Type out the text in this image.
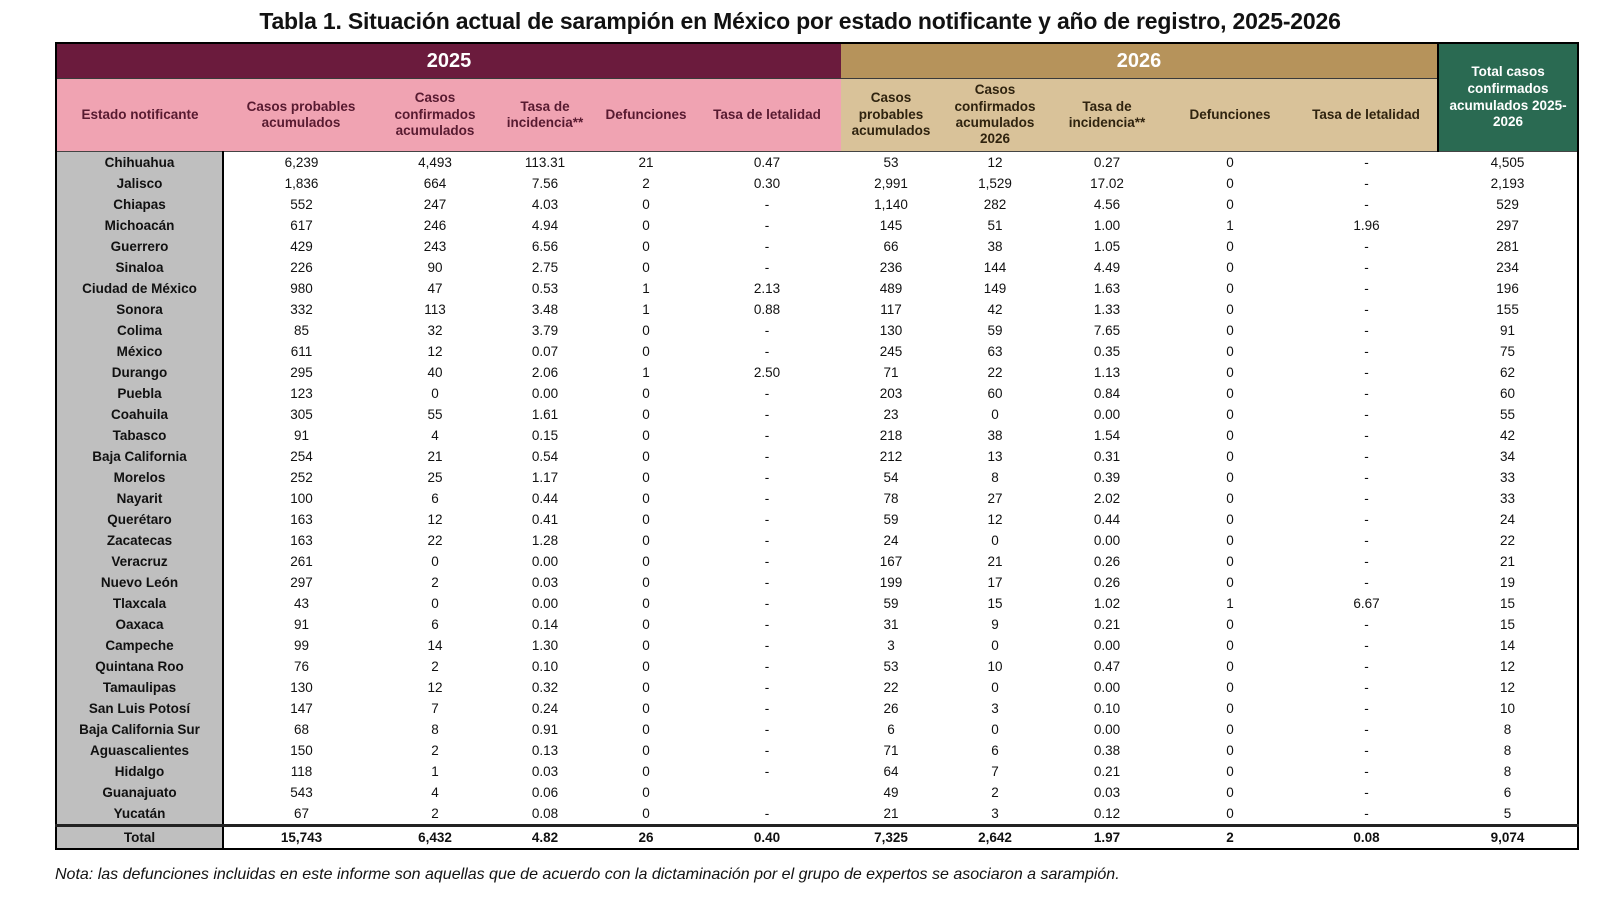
Tabla 1. Situación actual de sarampión en México por estado notificante y año de registro, 2025-2026
2025						2026					Total casos confirmados acumulados 2025-2026
Estado notificante	Casos probables acumulados	Casos confirmados acumulados	Tasa de incidencia**	Defunciones	Tasa de letalidad	Casos probables acumulados	Casos confirmados acumulados 2026	Tasa de incidencia**	Defunciones	Tasa de letalidad	
Chihuahua	6,239	4,493	113.31	21	0.47	53	12	0.27	0	-	4,505
Jalisco	1,836	664	7.56	2	0.30	2,991	1,529	17.02	0	-	2,193
Chiapas	552	247	4.03	0	-	1,140	282	4.56	0	-	529
Michoacán	617	246	4.94	0	-	145	51	1.00	1	1.96	297
Guerrero	429	243	6.56	0	-	66	38	1.05	0	-	281
Sinaloa	226	90	2.75	0	-	236	144	4.49	0	-	234
Ciudad de México	980	47	0.53	1	2.13	489	149	1.63	0	-	196
Sonora	332	113	3.48	1	0.88	117	42	1.33	0	-	155
Colima	85	32	3.79	0	-	130	59	7.65	0	-	91
México	611	12	0.07	0	-	245	63	0.35	0	-	75
Durango	295	40	2.06	1	2.50	71	22	1.13	0	-	62
Puebla	123	0	0.00	0	-	203	60	0.84	0	-	60
Coahuila	305	55	1.61	0	-	23	0	0.00	0	-	55
Tabasco	91	4	0.15	0	-	218	38	1.54	0	-	42
Baja California	254	21	0.54	0	-	212	13	0.31	0	-	34
Morelos	252	25	1.17	0	-	54	8	0.39	0	-	33
Nayarit	100	6	0.44	0	-	78	27	2.02	0	-	33
Querétaro	163	12	0.41	0	-	59	12	0.44	0	-	24
Zacatecas	163	22	1.28	0	-	24	0	0.00	0	-	22
Veracruz	261	0	0.00	0	-	167	21	0.26	0	-	21
Nuevo León	297	2	0.03	0	-	199	17	0.26	0	-	19
Tlaxcala	43	0	0.00	0	-	59	15	1.02	1	6.67	15
Oaxaca	91	6	0.14	0	-	31	9	0.21	0	-	15
Campeche	99	14	1.30	0	-	3	0	0.00	0	-	14
Quintana Roo	76	2	0.10	0	-	53	10	0.47	0	-	12
Tamaulipas	130	12	0.32	0	-	22	0	0.00	0	-	12
San Luis Potosí	147	7	0.24	0	-	26	3	0.10	0	-	10
Baja California Sur	68	8	0.91	0	-	6	0	0.00	0	-	8
Aguascalientes	150	2	0.13	0	-	71	6	0.38	0	-	8
Hidalgo	118	1	0.03	0	-	64	7	0.21	0	-	8
Guanajuato	543	4	0.06	0		49	2	0.03	0	-	6
Yucatán	67	2	0.08	0	-	21	3	0.12	0	-	5
Total	15,743	6,432	4.82	26	0.40	7,325	2,642	1.97	2	0.08	9,074

Nota: las defunciones incluidas en este informe son aquellas que de acuerdo con la dictaminación por el grupo de expertos se asociaron a sarampión.
